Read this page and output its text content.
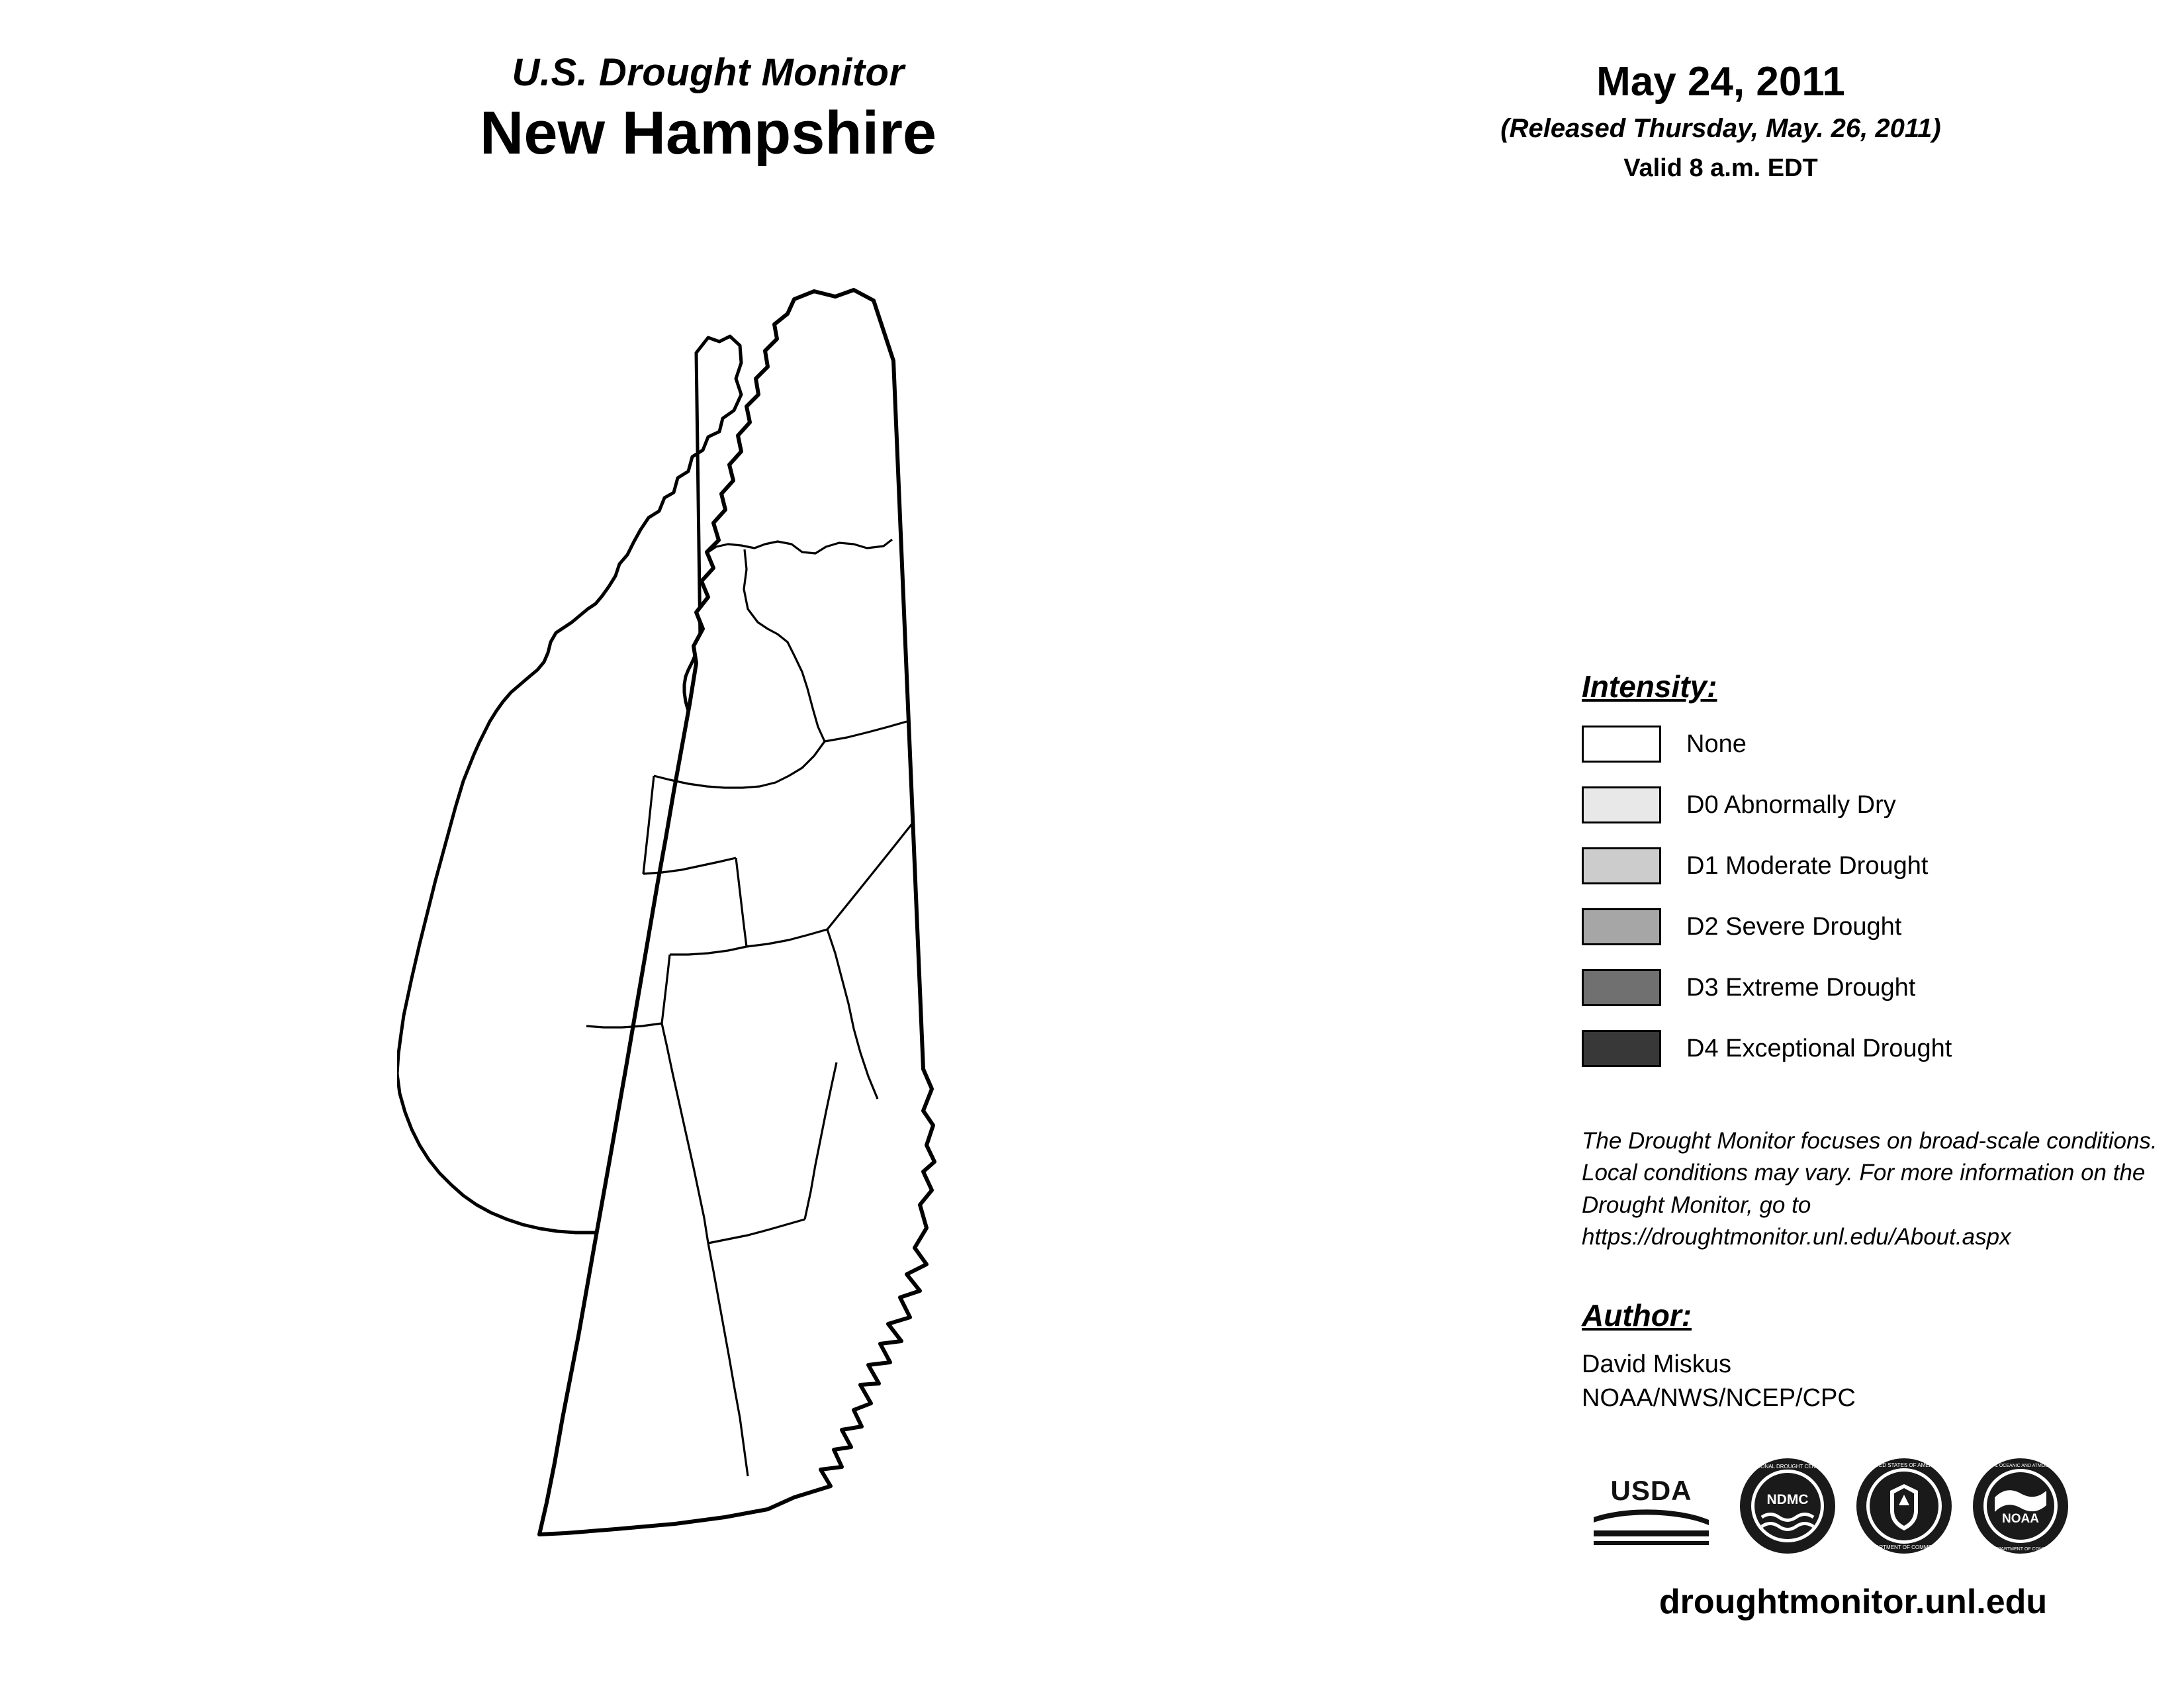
U.S. Drought Monitor
New Hampshire
May 24, 2011
(Released Thursday, May. 26, 2011)
Valid 8 a.m. EDT
Intensity:
None
D0 Abnormally Dry
D1 Moderate Drought
D2 Severe Drought
D3 Extreme Drought
D4 Exceptional Drought
The Drought Monitor focuses on broad-scale conditions. Local conditions may vary. For more information on the Drought Monitor, go to https://droughtmonitor.unl.edu/About.aspx
Author:
David Miskus
NOAA/NWS/NCEP/CPC
USDA	NDMC
NATIONAL DROUGHT CENTER	UNITED STATES OF AMERICA
DEPARTMENT OF COMMERCE
NOAA
NATIONAL OCEANIC AND ATMOSPHERIC
U.S. DEPARTMENT OF COMMERCE
droughtmonitor.unl.edu
